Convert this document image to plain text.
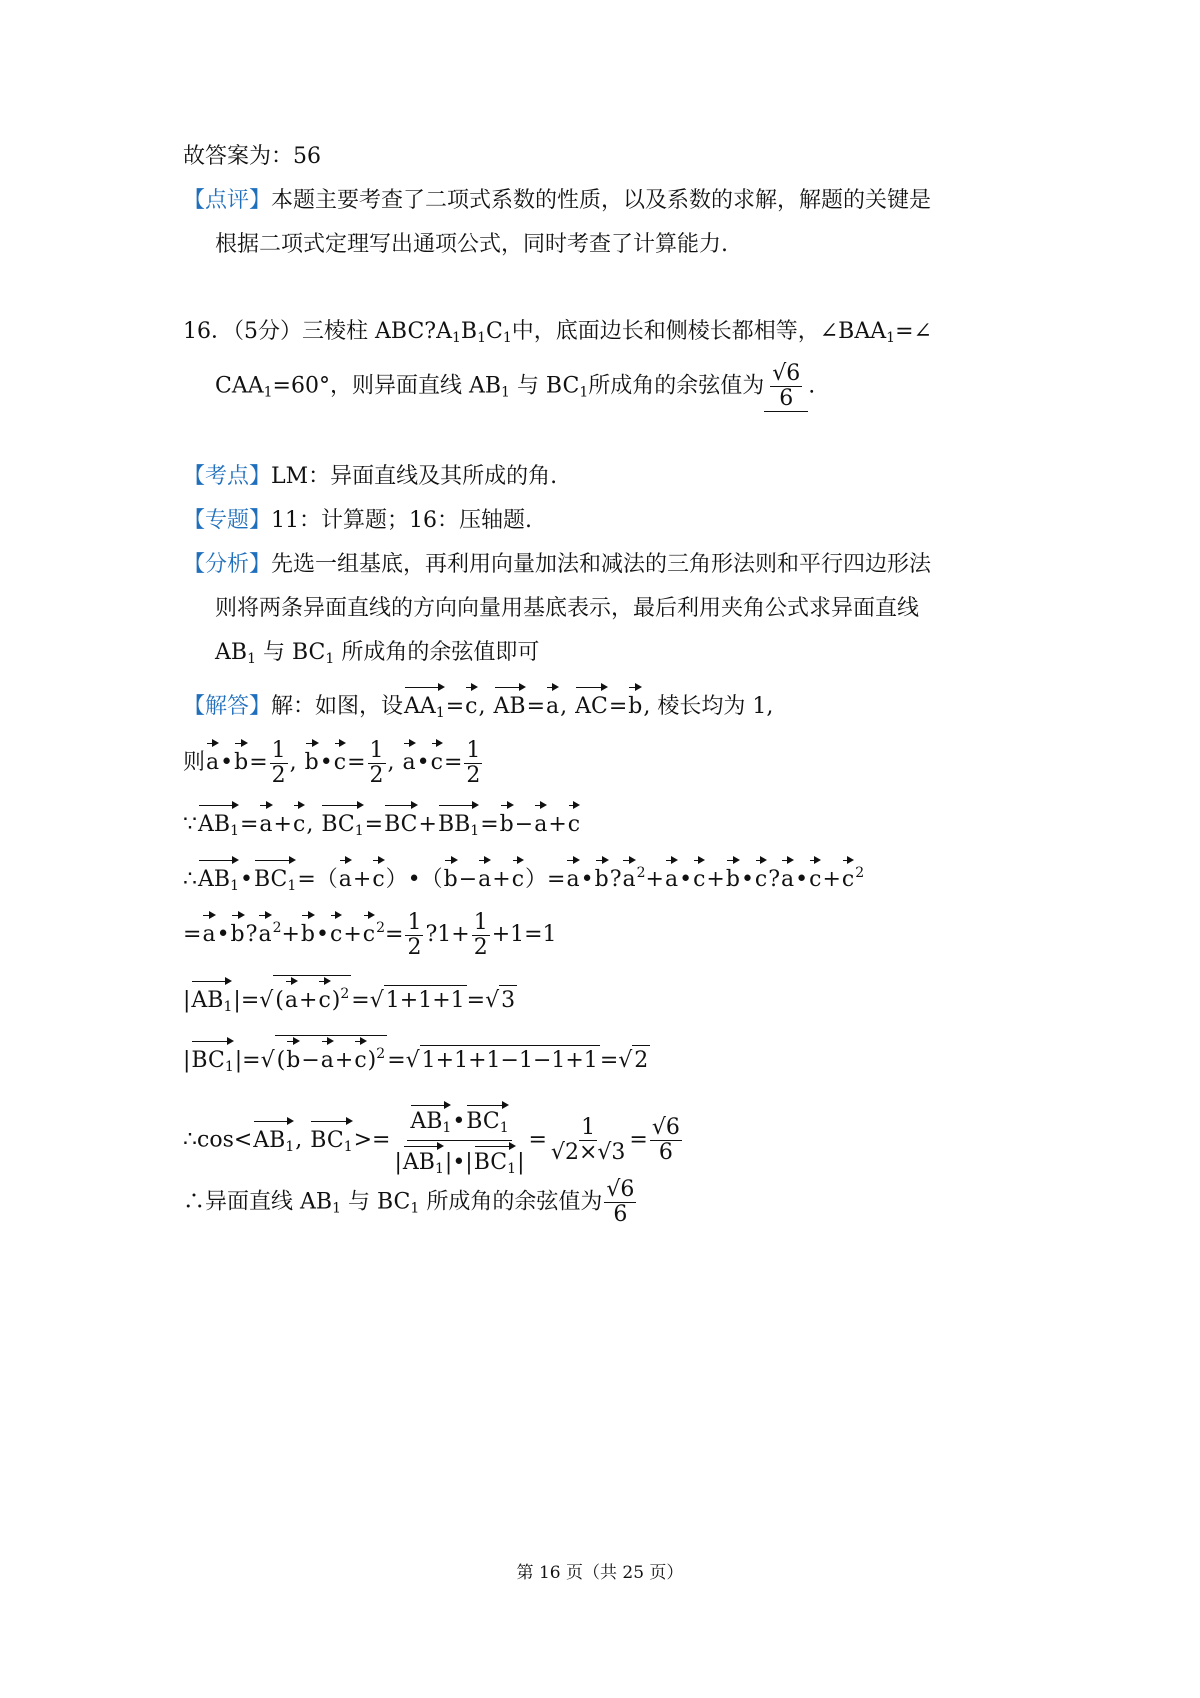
故答案为：56
【点评】本题主要考查了二项式系数的性质，以及系数的求解，解题的关键是
根据二项式定理写出通项公式，同时考查了计算能力.
16．（5分）三棱柱 $ABC?A_1B_1C_1$中，底面边长和侧棱长都相等，$\angle BAA_1=\angle$
$CAA_1=60^\circ$，则异面直线 $AB_1$ 与 $BC_1$所成角的余弦值为 $\frac{√6}{6}$ .
【考点】LM：异面直线及其所成的角.
【专题】11：计算题；16：压轴题.
【分析】先选一组基底，再利用向量加法和减法的三角形法则和平行四边形法
则将两条异面直线的方向向量用基底表示，最后利用夹角公式求异面直线
$AB_1$ 与 $BC_1$ 所成角的余弦值即可
【解答】解：如图，设$AA_1=c$, AB=a, AC=b, 棱长均为 1,
则a•b= $\frac{1}{2}$ , b•c= $\frac{1}{2}$ , a•c= $\frac{1}{2}$
$\because AB_1=a+c$, $BC_1=BC+BB_1=b-a+c$
$\therefore AB_1•BC_1=(a+c)•(b-a+c)=a•b?a^2+a•c+b•c?a•c+c^2$
$=a•b?a^2+b•c+c^2= \frac{1}{2}$ ?1+ $\frac{1}{2} +1=1$
$|AB_1|=√(a+c)^2=√1+1+1=√3$
$|BC_1|=√(b-a+c)^2=√1+1+1-1-1+1=√2$
$\therefore\cos<AB_1$, $BC_1>= \frac{AB_1•BC_1}{|AB_1|•|BC_1|} = \frac{1}{√2\times√3} = \frac{√6}{6}$
∴异面直线 $AB_1$ 与 $BC_1$ 所成角的余弦值为 $\frac{√6}{6}$
第 16 页（共 25 页）
